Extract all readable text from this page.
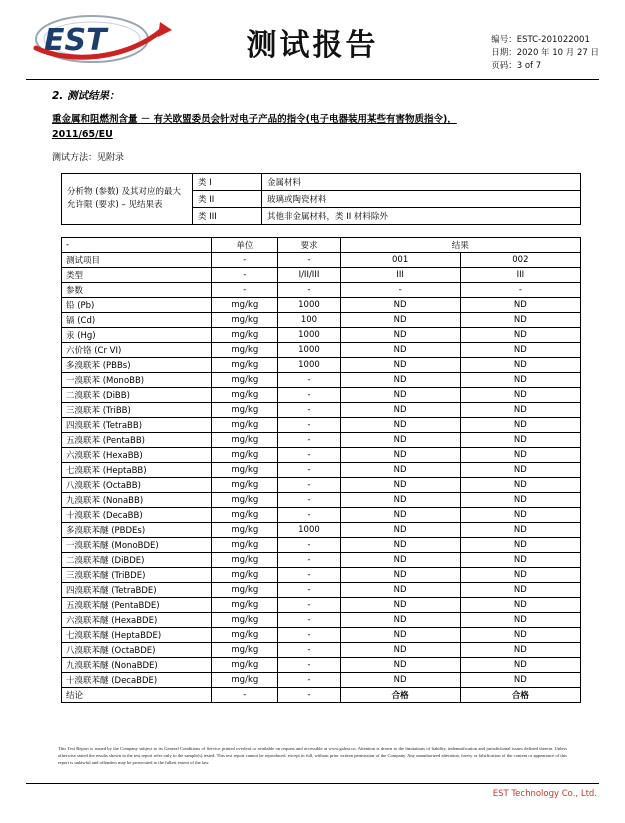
EST	测试报告	编号：ESTC-201022001
日期：2020 年 10 月 27 日
页码：3 of 7
2. 测试结果：
重金属和阻燃剂含量 － 有关欧盟委员会针对电子产品的指令(电子电器装用某些有害物质指令)，
2011/65/EU
测试方法：见附录
分析物 (参数) 及其对应的最大允许限 (要求) – 见结果表	类 I	金属材料
	类 II	玻璃或陶瓷材料
	类 III	其他非金属材料，类 II 材料除外
-	单位	要求	结果	
测试项目	-	-	001	002
类型	-	I/II/III	III	III
参数	-	-	-	-
铅 (Pb)	mg/kg	1000	ND	ND
镉 (Cd)	mg/kg	100	ND	ND
汞 (Hg)	mg/kg	1000	ND	ND
六价铬 (Cr VI)	mg/kg	1000	ND	ND
多溴联苯 (PBBs)	mg/kg	1000	ND	ND
一溴联苯 (MonoBB)	mg/kg	-	ND	ND
二溴联苯 (DiBB)	mg/kg	-	ND	ND
三溴联苯 (TriBB)	mg/kg	-	ND	ND
四溴联苯 (TetraBB)	mg/kg	-	ND	ND
五溴联苯 (PentaBB)	mg/kg	-	ND	ND
六溴联苯 (HexaBB)	mg/kg	-	ND	ND
七溴联苯 (HeptaBB)	mg/kg	-	ND	ND
八溴联苯 (OctaBB)	mg/kg	-	ND	ND
九溴联苯 (NonaBB)	mg/kg	-	ND	ND
十溴联苯 (DecaBB)	mg/kg	-	ND	ND
多溴联苯醚 (PBDEs)	mg/kg	1000	ND	ND
一溴联苯醚 (MonoBDE)	mg/kg	-	ND	ND
二溴联苯醚 (DiBDE)	mg/kg	-	ND	ND
三溴联苯醚 (TriBDE)	mg/kg	-	ND	ND
四溴联苯醚 (TetraBDE)	mg/kg	-	ND	ND
五溴联苯醚 (PentaBDE)	mg/kg	-	ND	ND
六溴联苯醚 (HexaBDE)	mg/kg	-	ND	ND
七溴联苯醚 (HeptaBDE)	mg/kg	-	ND	ND
八溴联苯醚 (OctaBDE)	mg/kg	-	ND	ND
九溴联苯醚 (NonaBDE)	mg/kg	-	ND	ND
十溴联苯醚 (DecaBDE)	mg/kg	-	ND	ND
结论	-	-	合格	合格
This Test Report is issued by the Company subject to its General Conditions of Service printed overleaf or available on request and accessible at www.galest.cn. Attention is drawn to the limitations of liability, indemnification and jurisdictional issues defined therein. Unless otherwise stated the results shown in the test report refer only to the sample(s) tested. This test report cannot be reproduced, except in full, without prior written permission of the Company. Any unauthorized alteration, forery or falsification of the content or appearance of this report is unlawful and offenders may be prosecuted to the fullest extent of the law.
EST Technology Co., Ltd.
